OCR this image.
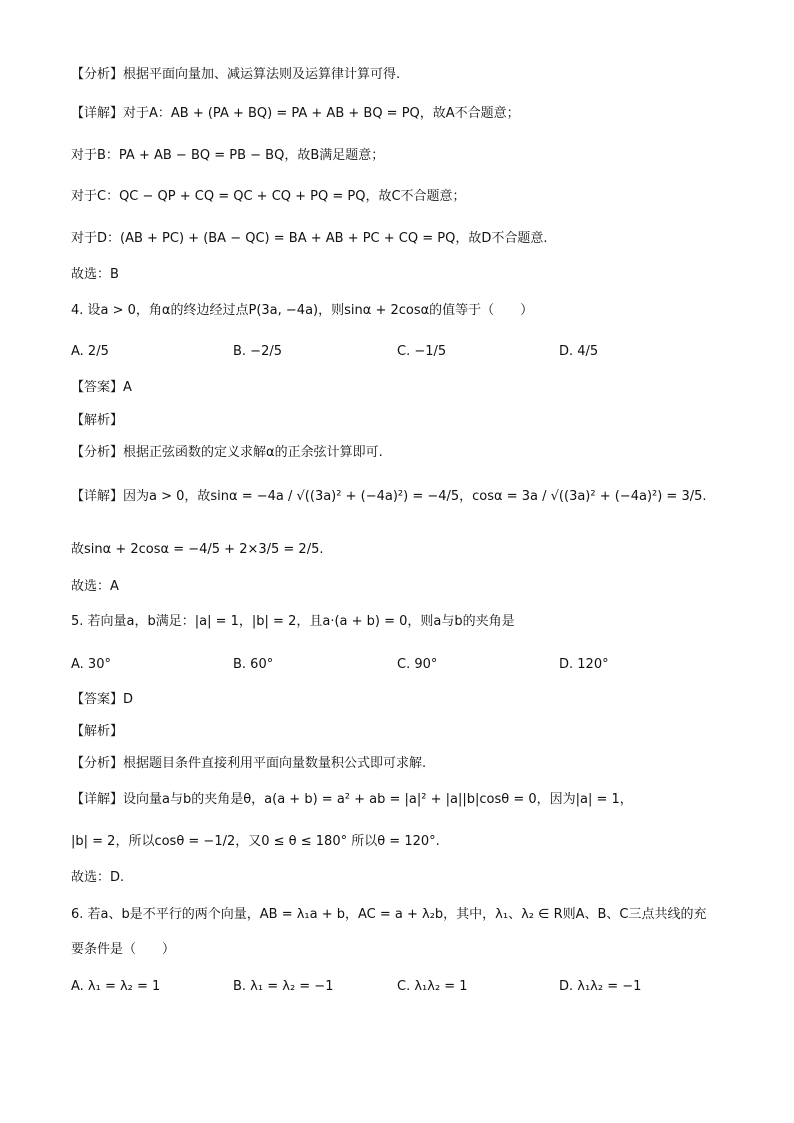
【分析】根据平面向量加、减运算法则及运算律计算可得.
【详解】对于A：AB + (PA + BQ) = PA + AB + BQ = PQ，故A不合题意；
对于B：PA + AB − BQ = PB − BQ，故B满足题意；
对于C：QC − QP + CQ = QC + CQ + PQ = PQ，故C不合题意；
对于D：(AB + PC) + (BA − QC) = BA + AB + PC + CQ = PQ，故D不合题意.
故选：B
4. 设a > 0，角α的终边经过点P(3a, −4a)，则sinα + 2cosα的值等于（　　）
A. 2/5	B. −2/5	C. −1/5	D. 4/5
【答案】A
【解析】
【分析】根据正弦函数的定义求解α的正余弦计算即可.
【详解】因为a > 0，故sinα = −4a / √((3a)² + (−4a)²) = −4/5，cosα = 3a / √((3a)² + (−4a)²) = 3/5.
故sinα + 2cosα = −4/5 + 2×3/5 = 2/5.
故选：A
5. 若向量a，b满足：|a| = 1，|b| = 2，且a·(a + b) = 0，则a与b的夹角是
A. 30°	B. 60°	C. 90°	D. 120°
【答案】D
【解析】
【分析】根据题目条件直接利用平面向量数量积公式即可求解.
【详解】设向量a与b的夹角是θ，a(a + b) = a² + ab = |a|² + |a||b|cosθ = 0，因为|a| = 1，
|b| = 2，所以cosθ = −1/2，又0 ≤ θ ≤ 180° 所以θ = 120°.
故选：D.
6. 若a、b是不平行的两个向量，AB = λ₁a + b，AC = a + λ₂b，其中，λ₁、λ₂ ∈ R则A、B、C三点共线的充
要条件是（　　）
A. λ₁ = λ₂ = 1	B. λ₁ = λ₂ = −1	C. λ₁λ₂ = 1	D. λ₁λ₂ = −1
